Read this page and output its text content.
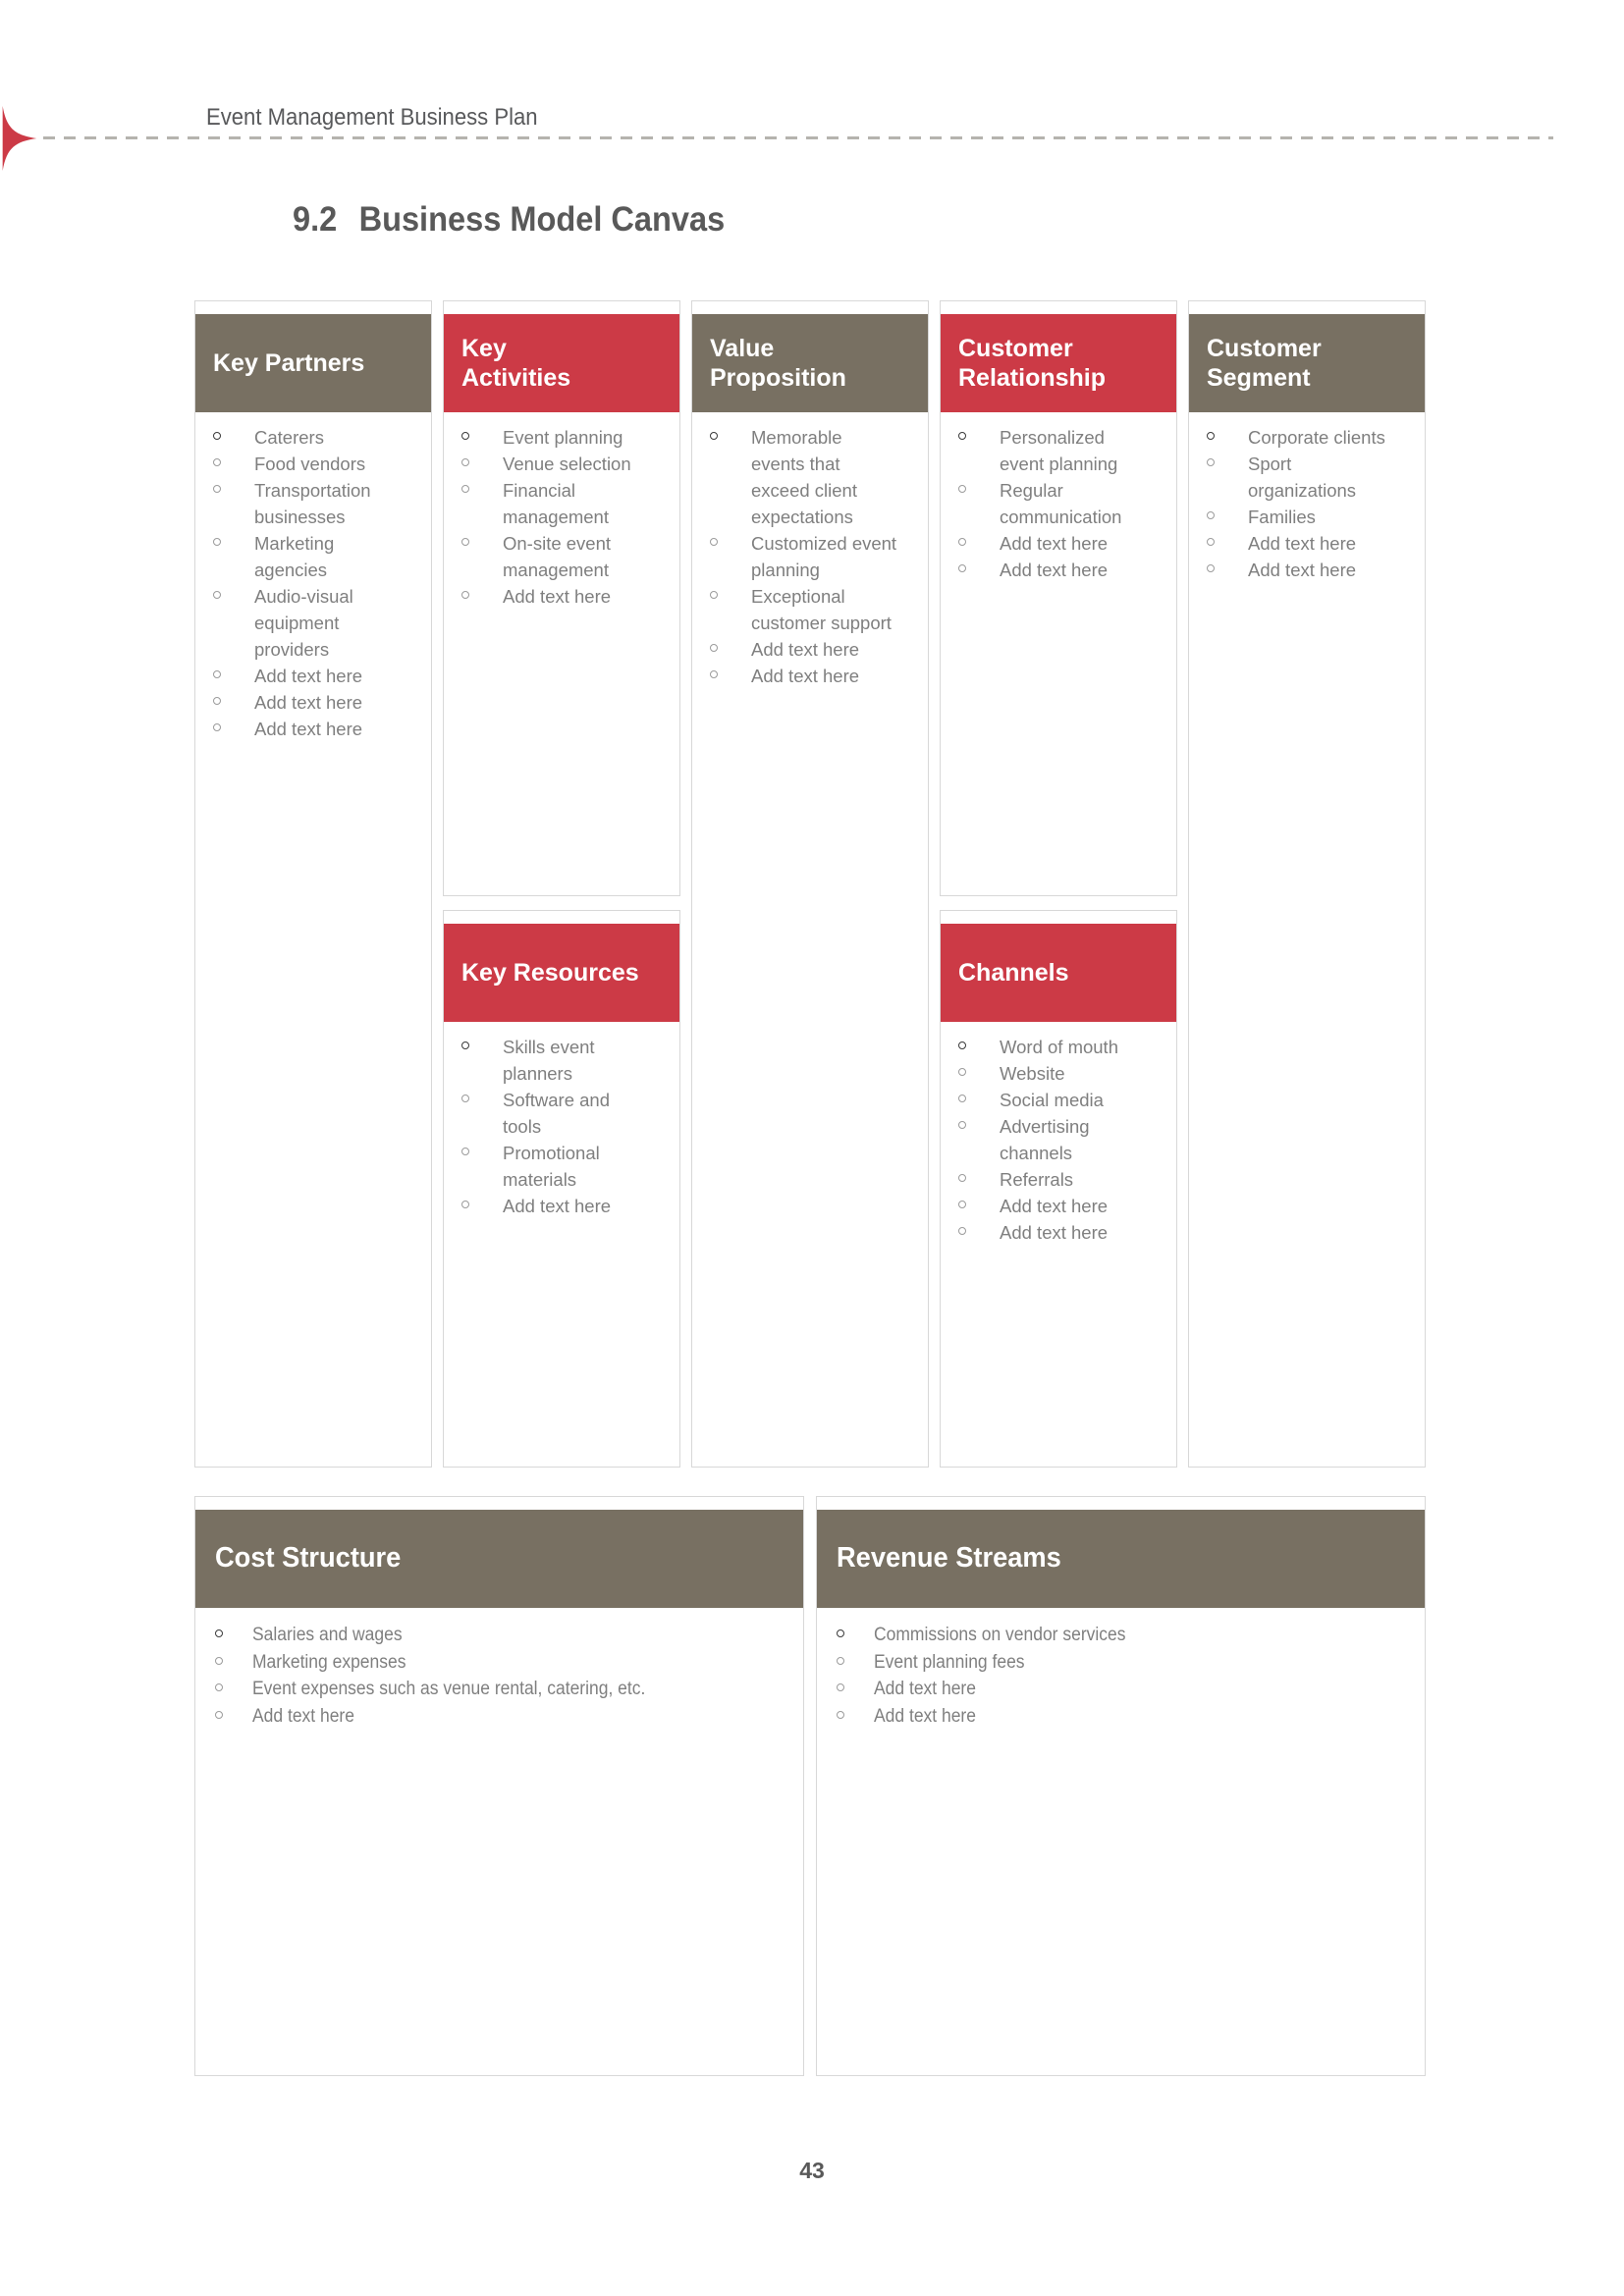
Event Management Business Plan
9.2 Business Model Canvas
Key Partners
Caterers
Food vendors
Transportation businesses
Marketing agencies
Audio-visual equipment providers
Add text here
Add text here
Add text here
Key
Activities
Event planning
Venue selection
Financial management
On-site event management
Add text here
Key Resources
Skills event planners
Software and tools
Promotional materials
Add text here
Value
Proposition
Memorable events that exceed client expectations
Customized event planning
Exceptional customer support
Add text here
Add text here
Customer
Relationship
Personalized event planning
Regular communication
Add text here
Add text here
Channels
Word of mouth
Website
Social media
Advertising channels
Referrals
Add text here
Add text here
Customer
Segment
Corporate clients
Sport organizations
Families
Add text here
Add text here
Cost Structure
Salaries and wages
Marketing expenses
Event expenses such as venue rental, catering, etc.
Add text here
Revenue Streams
Commissions on vendor services
Event planning fees
Add text here
Add text here
43
